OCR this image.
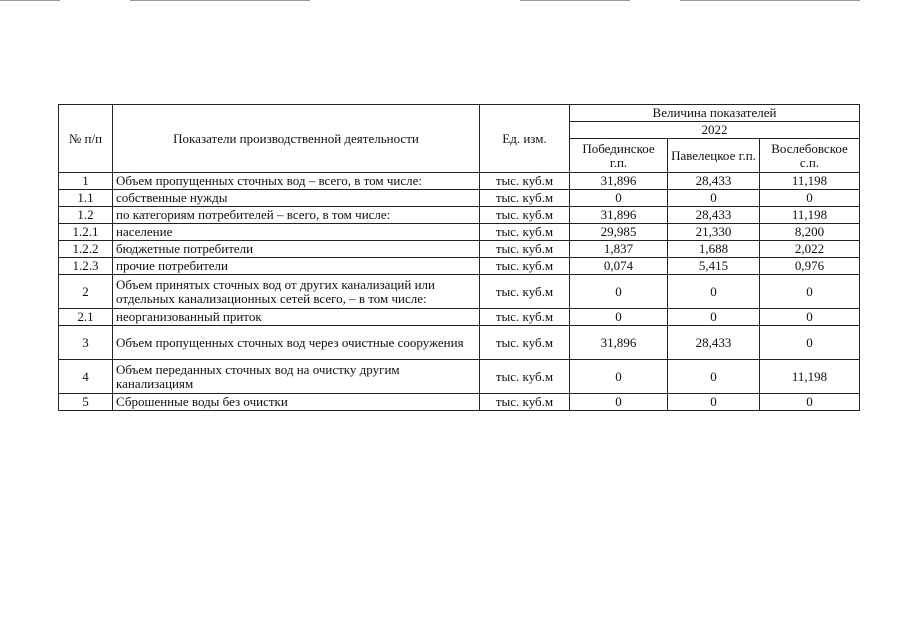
№ п/п	Показатели производственной деятельности	Ед. изм.	Величина показателей		
			2022		
			Побединское г.п.	Павелецкое г.п.	Вослебовское с.п.
1	Объем пропущенных сточных вод – всего, в том числе:	тыс. куб.м	31,896	28,433	11,198
1.1	собственные нужды	тыс. куб.м	0	0	0
1.2	по категориям потребителей – всего, в том числе:	тыс. куб.м	31,896	28,433	11,198
1.2.1	население	тыс. куб.м	29,985	21,330	8,200
1.2.2	бюджетные потребители	тыс. куб.м	1,837	1,688	2,022
1.2.3	прочие потребители	тыс. куб.м	0,074	5,415	0,976
2	Объем принятых сточных вод от других канализаций или отдельных канализационных сетей всего, – в том числе:	тыс. куб.м	0	0	0
2.1	неорганизованный приток	тыс. куб.м	0	0	0
3	Объем пропущенных сточных вод через очистные сооружения	тыс. куб.м	31,896	28,433	0
4	Объем переданных сточных вод на очистку другим канализациям	тыс. куб.м	0	0	11,198
5	Сброшенные воды без очистки	тыс. куб.м	0	0	0
